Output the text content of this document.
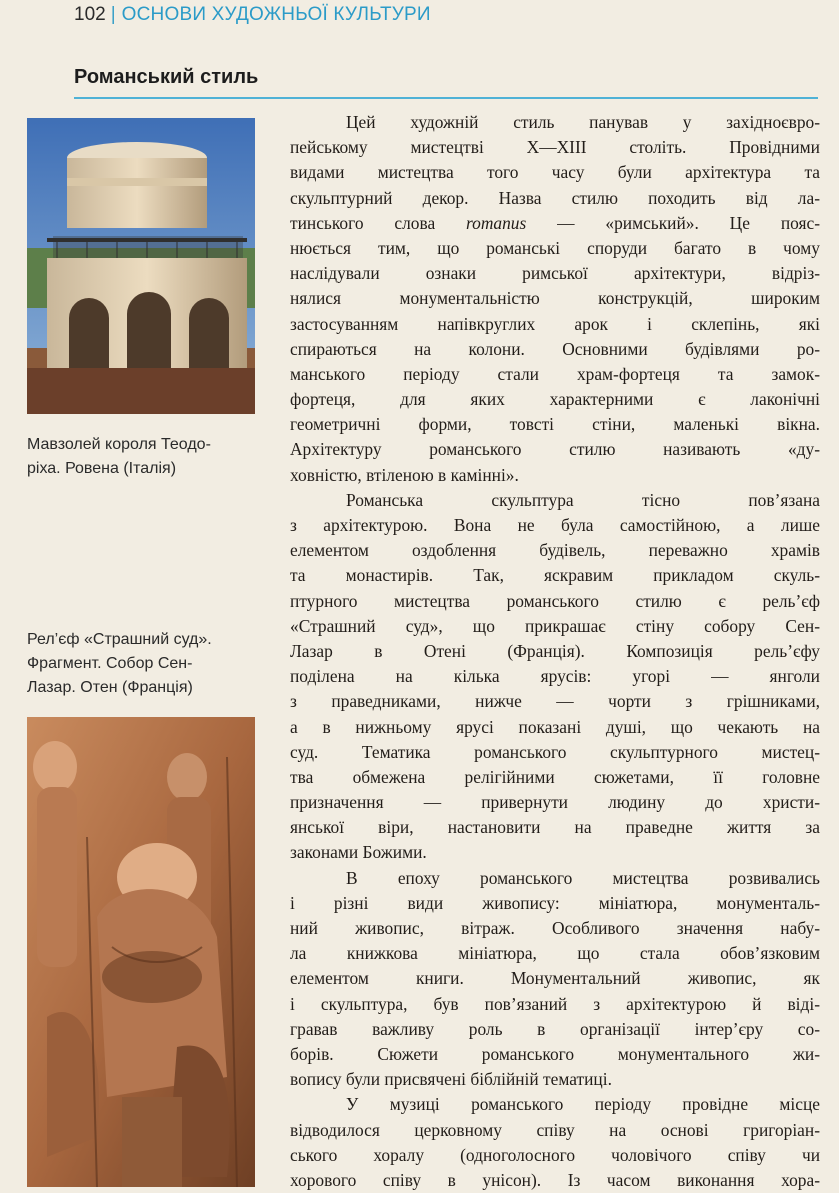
102 | ОСНОВИ ХУДОЖНЬОЇ КУЛЬТУРИ
Романський стиль
Мавзолей короля Теодо-
ріха. Ровена (Італія)
Рел’єф «Страшний суд».
Фрагмент. Собор Сен-
Лазар. Отен (Франція)
Цей художній стиль панував у західноєвро-
пейському мистецтві X—XIII століть. Провідними
видами мистецтва того часу були архітектура та
скульптурний декор. Назва стилю походить від ла-
тинського слова romanus — «римський». Це пояс-
нюється тим, що романські споруди багато в чому
наслідували ознаки римської архітектури, відріз-
нялися монументальністю конструкцій, широким
застосуванням напівкруглих арок і склепінь, які
спираються на колони. Основними будівлями ро-
манського періоду стали храм-фортеця та замок-
фортеця, для яких характерними є лаконічні
геометричні форми, товсті стіни, маленькі вікна.
Архітектуру романського стилю називають «ду-
ховністю, втіленою в камінні».
Романська скульптура тісно пов’язана
з архітектурою. Вона не була самостійною, а лише
елементом оздоблення будівель, переважно храмів
та монастирів. Так, яскравим прикладом скуль-
птурного мистецтва романського стилю є рель’єф
«Страшний суд», що прикрашає стіну собору Сен-
Лазар в Отені (Франція). Композиція рель’єфу
поділена на кілька ярусів: угорі — янголи
з праведниками, нижче — чорти з грішниками,
а в нижньому ярусі показані душі, що чекають на
суд. Тематика романського скульптурного мистец-
тва обмежена релігійними сюжетами, її головне
призначення — привернути людину до христи-
янської віри, настановити на праведне життя за
законами Божими.
В епоху романського мистецтва розвивались
і різні види живопису: мініатюра, монументаль-
ний живопис, вітраж. Особливого значення набу-
ла книжкова мініатюра, що стала обов’язковим
елементом книги. Монументальний живопис, як
і скульптура, був пов’язаний з архітектурою й віді-
гравав важливу роль в організації інтер’єру со-
борів. Сюжети романського монументального жи-
вопису були присвячені біблійній тематиці.
У музиці романського періоду провідне місце
відводилося церковному співу на основі григоріан-
ського хоралу (одноголосного чоловічого співу чи
хорового співу в унісон). Із часом виконання хора-
